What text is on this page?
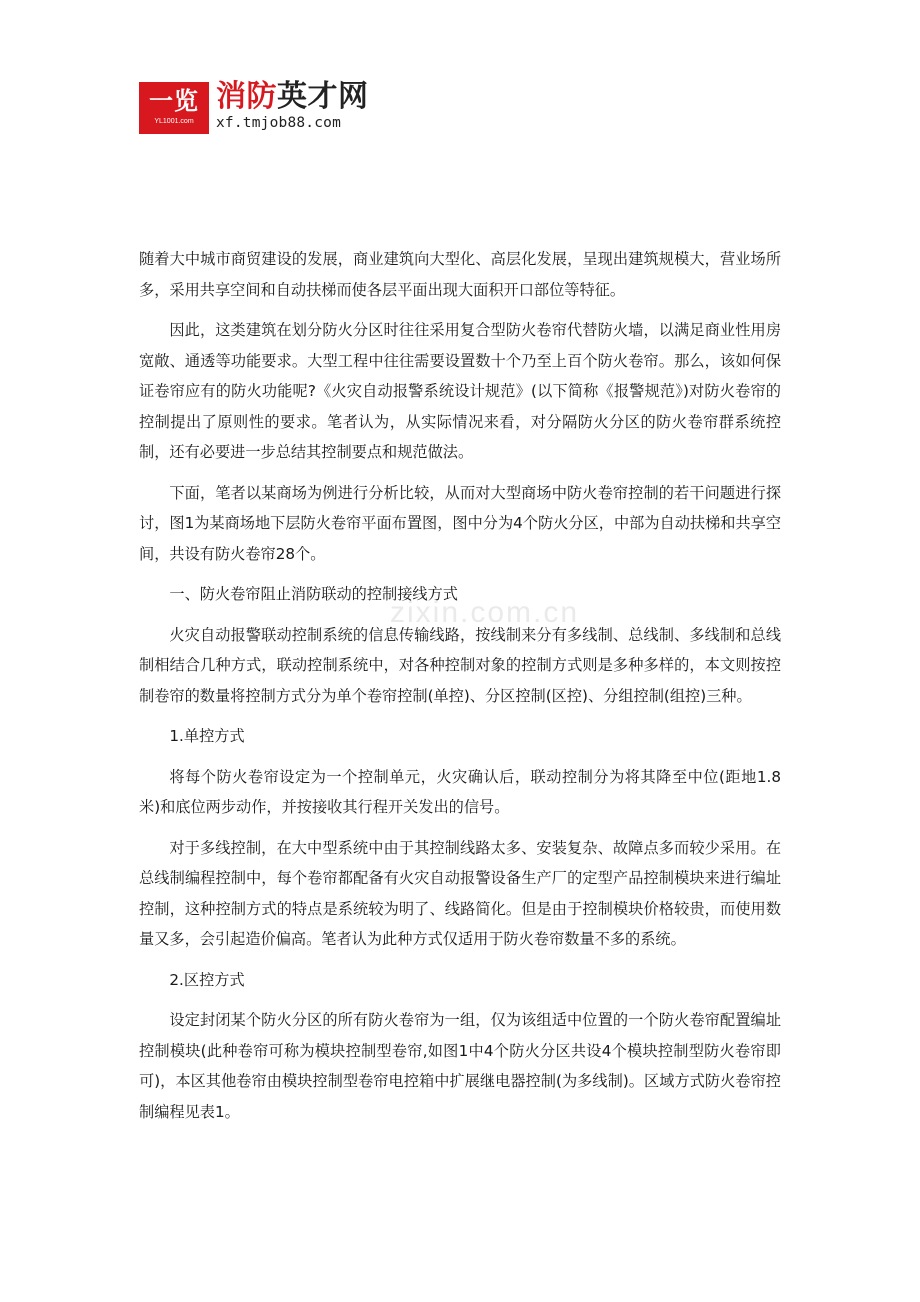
一览
YL1001.com
消防英才网
xf.tmjob88.com
zixin.com.cn

随着大中城市商贸建设的发展，商业建筑向大型化、高层化发展，呈现出建筑规模大，营业场所多，采用共享空间和自动扶梯而使各层平面出现大面积开口部位等特征。

因此，这类建筑在划分防火分区时往往采用复合型防火卷帘代替防火墙，以满足商业性用房宽敞、通透等功能要求。大型工程中往往需要设置数十个乃至上百个防火卷帘。那么，该如何保证卷帘应有的防火功能呢?《火灾自动报警系统设计规范》(以下简称《报警规范》)对防火卷帘的控制提出了原则性的要求。笔者认为，从实际情况来看，对分隔防火分区的防火卷帘群系统控制，还有必要进一步总结其控制要点和规范做法。

下面，笔者以某商场为例进行分析比较，从而对大型商场中防火卷帘控制的若干问题进行探讨，图1为某商场地下层防火卷帘平面布置图，图中分为4个防火分区，中部为自动扶梯和共享空间，共设有防火卷帘28个。

一、防火卷帘阻止消防联动的控制接线方式

火灾自动报警联动控制系统的信息传输线路，按线制来分有多线制、总线制、多线制和总线制相结合几种方式，联动控制系统中，对各种控制对象的控制方式则是多种多样的，本文则按控制卷帘的数量将控制方式分为单个卷帘控制(单控)、分区控制(区控)、分组控制(组控)三种。

1.单控方式

将每个防火卷帘设定为一个控制单元，火灾确认后，联动控制分为将其降至中位(距地1.8米)和底位两步动作，并按接收其行程开关发出的信号。

对于多线控制，在大中型系统中由于其控制线路太多、安装复杂、故障点多而较少采用。在总线制编程控制中，每个卷帘都配备有火灾自动报警设备生产厂的定型产品控制模块来进行编址控制，这种控制方式的特点是系统较为明了、线路简化。但是由于控制模块价格较贵，而使用数量又多，会引起造价偏高。笔者认为此种方式仅适用于防火卷帘数量不多的系统。

2.区控方式

设定封闭某个防火分区的所有防火卷帘为一组，仅为该组适中位置的一个防火卷帘配置编址控制模块(此种卷帘可称为模块控制型卷帘,如图1中4个防火分区共设4个模块控制型防火卷帘即可)，本区其他卷帘由模块控制型卷帘电控箱中扩展继电器控制(为多线制)。区域方式防火卷帘控制编程见表1。
